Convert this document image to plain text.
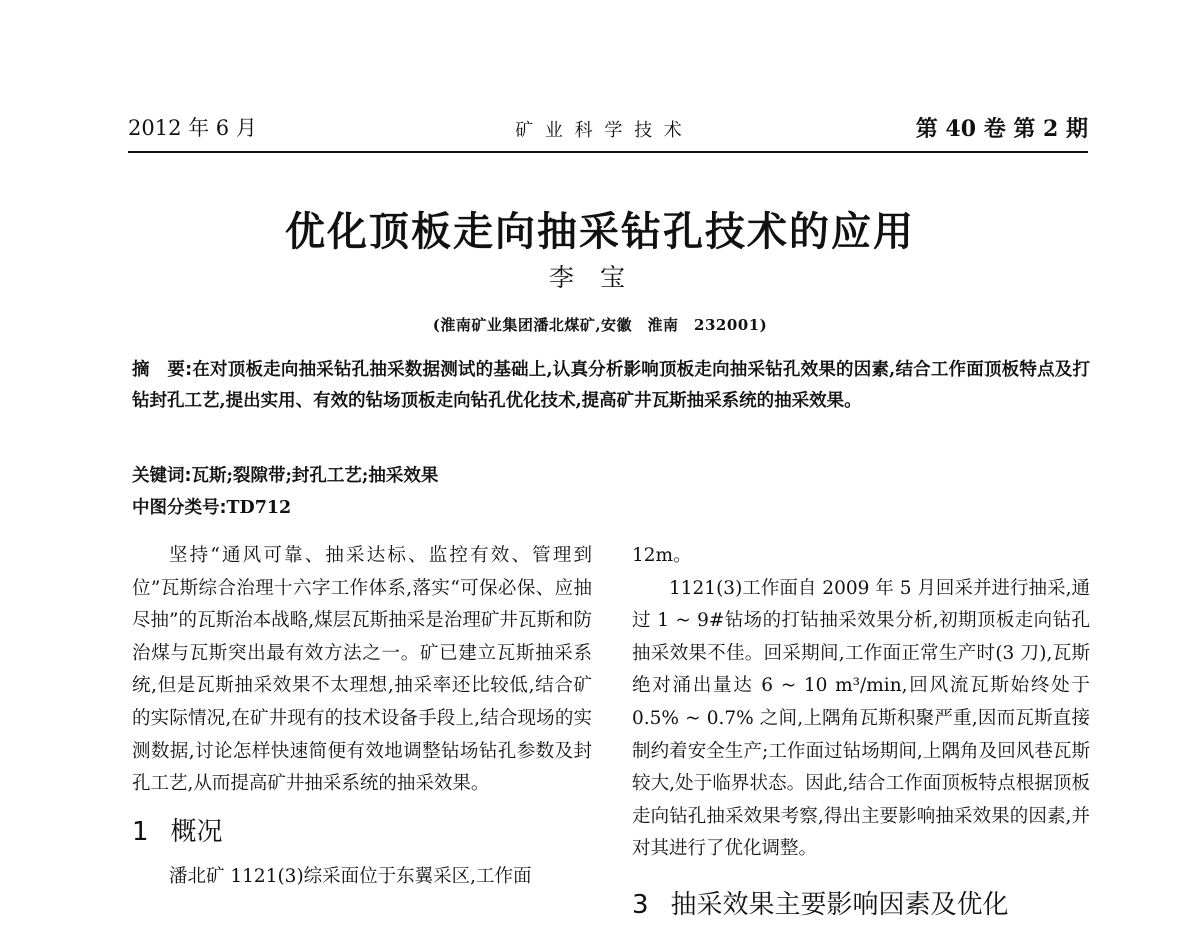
2012 年 6 月	矿 业 科 学 技 术	第 40 卷 第 2 期
优化顶板走向抽采钻孔技术的应用
李宝
(淮南矿业集团潘北煤矿,安徽　淮南　232001)
摘　要:在对顶板走向抽采钻孔抽采数据测试的基础上,认真分析影响顶板走向抽采钻孔效果的因素,结合工作面顶板特点及打钻封孔工艺,提出实用、有效的钻场顶板走向钻孔优化技术,提高矿井瓦斯抽采系统的抽采效果。
关键词:瓦斯;裂隙带;封孔工艺;抽采效果
中图分类号:TD712

坚持“通风可靠、抽采达标、监控有效、管理到位”瓦斯综合治理十六字工作体系,落实“可保必保、应抽尽抽”的瓦斯治本战略,煤层瓦斯抽采是治理矿井瓦斯和防治煤与瓦斯突出最有效方法之一。矿已建立瓦斯抽采系统,但是瓦斯抽采效果不太理想,抽采率还比较低,结合矿的实际情况,在矿井现有的技术设备手段上,结合现场的实测数据,讨论怎样快速简便有效地调整钻场钻孔参数及封孔工艺,从而提高矿井抽采系统的抽采效果。

1 概况

潘北矿 1121(3)综采面位于东翼采区,工作面

12m。

1121(3)工作面自 2009 年 5 月回采并进行抽采,通过 1 ~ 9#钻场的打钻抽采效果分析,初期顶板走向钻孔抽采效果不佳。回采期间,工作面正常生产时(3 刀),瓦斯绝对涌出量达 6 ~ 10 m³/min,回风流瓦斯始终处于 0.5% ~ 0.7% 之间,上隅角瓦斯积聚严重,因而瓦斯直接制约着安全生产;工作面过钻场期间,上隅角及回风巷瓦斯较大,处于临界状态。因此,结合工作面顶板特点根据顶板走向钻孔抽采效果考察,得出主要影响抽采效果的因素,并对其进行了优化调整。

3 抽采效果主要影响因素及优化
